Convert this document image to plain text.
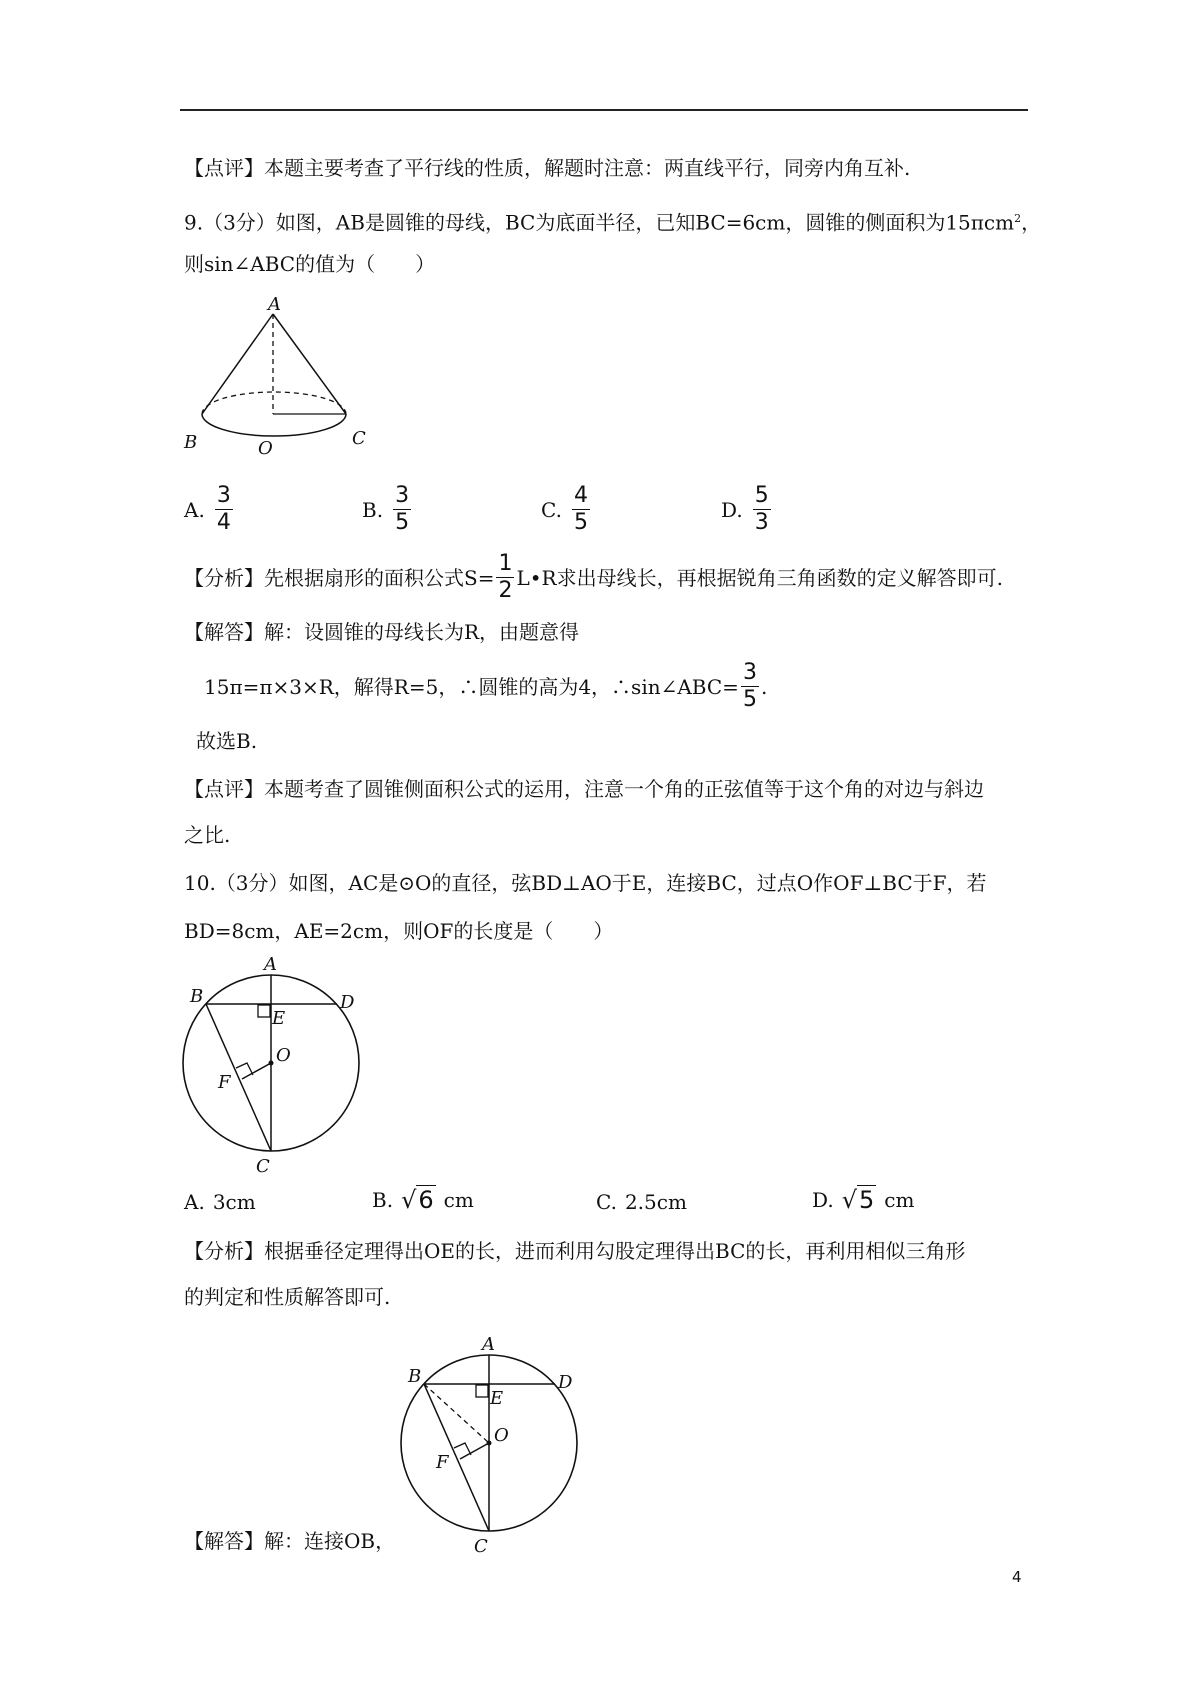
【点评】本题主要考查了平行线的性质，解题时注意：两直线平行，同旁内角互补.
9.（3分）如图，AB是圆锥的母线，BC为底面半径，已知BC=6cm，圆锥的侧面积为15πcm$^2$，
则sin∠ABC的值为（　　）
A
B	O	C
A. $\frac{3}{4}$	B. $\frac{3}{5}$	C. $\frac{4}{5}$	D. $\frac{5}{3}$
【分析】先根据扇形的面积公式$S= \frac{1}{2}$ L•R求出母线长，再根据锐角三角函数的定义解答即可.
【解答】解：设圆锥的母线长为R，由题意得
15π=π×3×R，解得R=5，∴圆锥的高为4，∴sin∠ABC= $\frac{3}{5}$ .
故选B.
【点评】本题考查了圆锥侧面积公式的运用，注意一个角的正弦值等于这个角的对边与斜边
之比.
10.（3分）如图，AC是⊙O的直径，弦BD⊥AO于E，连接BC，过点O作OF⊥BC于F，若
BD=8cm，AE=2cm，则OF的长度是（　　）
A
B	D
E
O
F
C
A. 3cm	B. √6 cm	C. 2.5cm	D. √5 cm
【分析】根据垂径定理得出OE的长，进而利用勾股定理得出BC的长，再利用相似三角形
的判定和性质解答即可.
A
B	D
E
O
F
C
【解答】解：连接OB，
4
